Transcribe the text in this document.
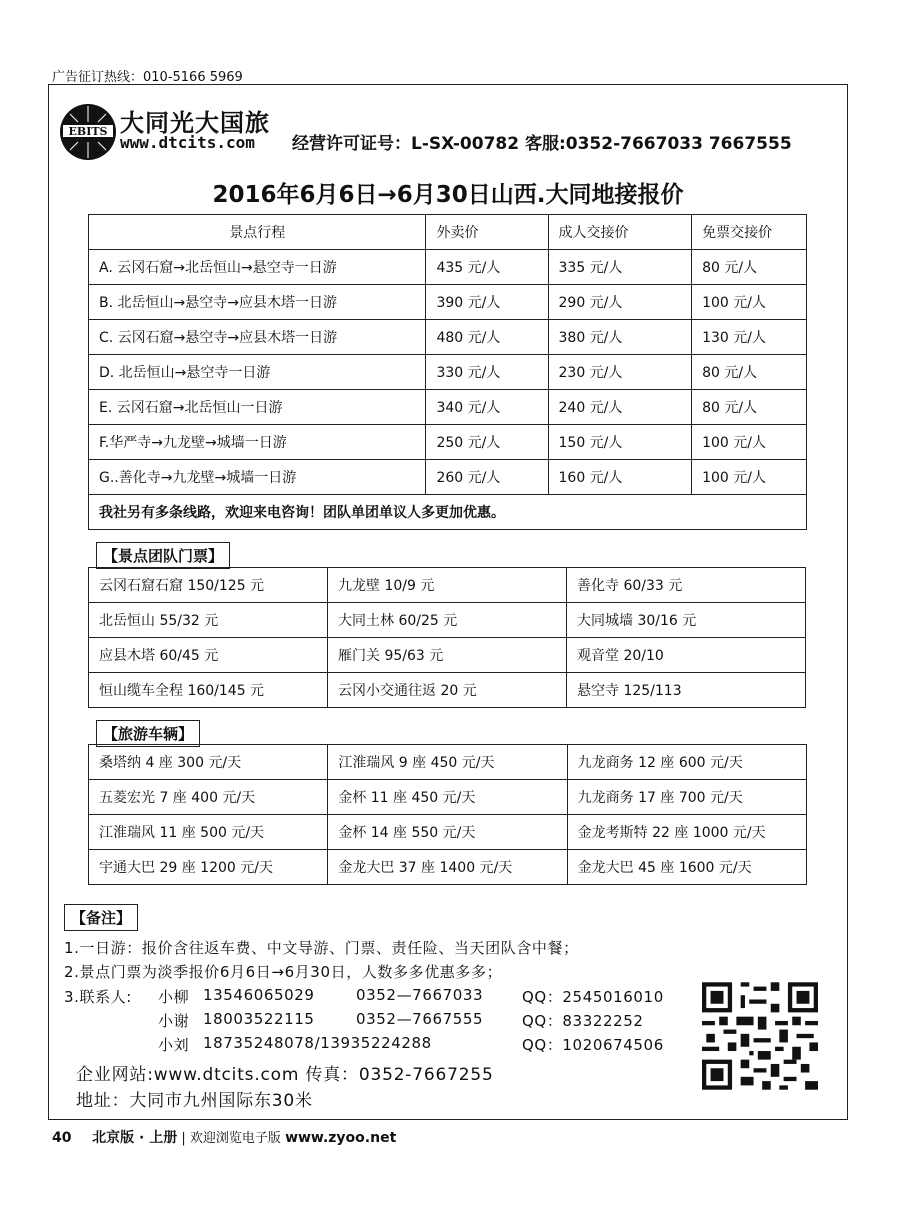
广告征订热线：010-5166 5969
EBITS 大同光大国旅
www.dtcits.com 经营许可证号：L-SX-00782 客服:0352-7667033 7667555
2016年6月6日→6月30日山西.大同地接报价
景点行程	外卖价	成人交接价	免票交接价
A. 云冈石窟→北岳恒山→悬空寺一日游	435 元/人	335 元/人	80 元/人
B. 北岳恒山→悬空寺→应县木塔一日游	390 元/人	290 元/人	100 元/人
C. 云冈石窟→悬空寺→应县木塔一日游	480 元/人	380 元/人	130 元/人
D. 北岳恒山→悬空寺一日游	330 元/人	230 元/人	80 元/人
E. 云冈石窟→北岳恒山一日游	340 元/人	240 元/人	80 元/人
F.华严寺→九龙壁→城墙一日游	250 元/人	150 元/人	100 元/人
G..善化寺→九龙壁→城墙一日游	260 元/人	160 元/人	100 元/人
我社另有多条线路，欢迎来电咨询！团队单团单议人多更加优惠。			
【景点团队门票】
云冈石窟石窟 150/125 元	九龙壁 10/9 元	善化寺 60/33 元
北岳恒山 55/32 元	大同土林 60/25 元	大同城墙 30/16 元
应县木塔 60/45 元	雁门关 95/63 元	观音堂 20/10
恒山缆车全程 160/145 元	云冈小交通往返 20 元	悬空寺 125/113
【旅游车辆】
桑塔纳 4 座 300 元/天	江淮瑞风 9 座 450 元/天	九龙商务 12 座 600 元/天
五菱宏光 7 座 400 元/天	金杯 11 座 450 元/天	九龙商务 17 座 700 元/天
江淮瑞风 11 座 500 元/天	金杯 14 座 550 元/天	金龙考斯特 22 座 1000 元/天
宇通大巴 29 座 1200 元/天	金龙大巴 37 座 1400 元/天	金龙大巴 45 座 1600 元/天
【备注】
1.一日游：报价含往返车费、中文导游、门票、责任险、当天团队含中餐；
2.景点门票为淡季报价6月6日→6月30日，人数多多优惠多多；
3.联系人: 小柳 13546065029	0352—7667033	QQ：2545016010
小谢 18003522115	0352—7667555	QQ：83322252
小刘 18735248078/13935224288	QQ：1020674506
企业网站:www.dtcits.com 传真：0352-7667255
地址：大同市九州国际东30米
40 北京版 · 上册 | 欢迎浏览电子版 www.zyoo.net
